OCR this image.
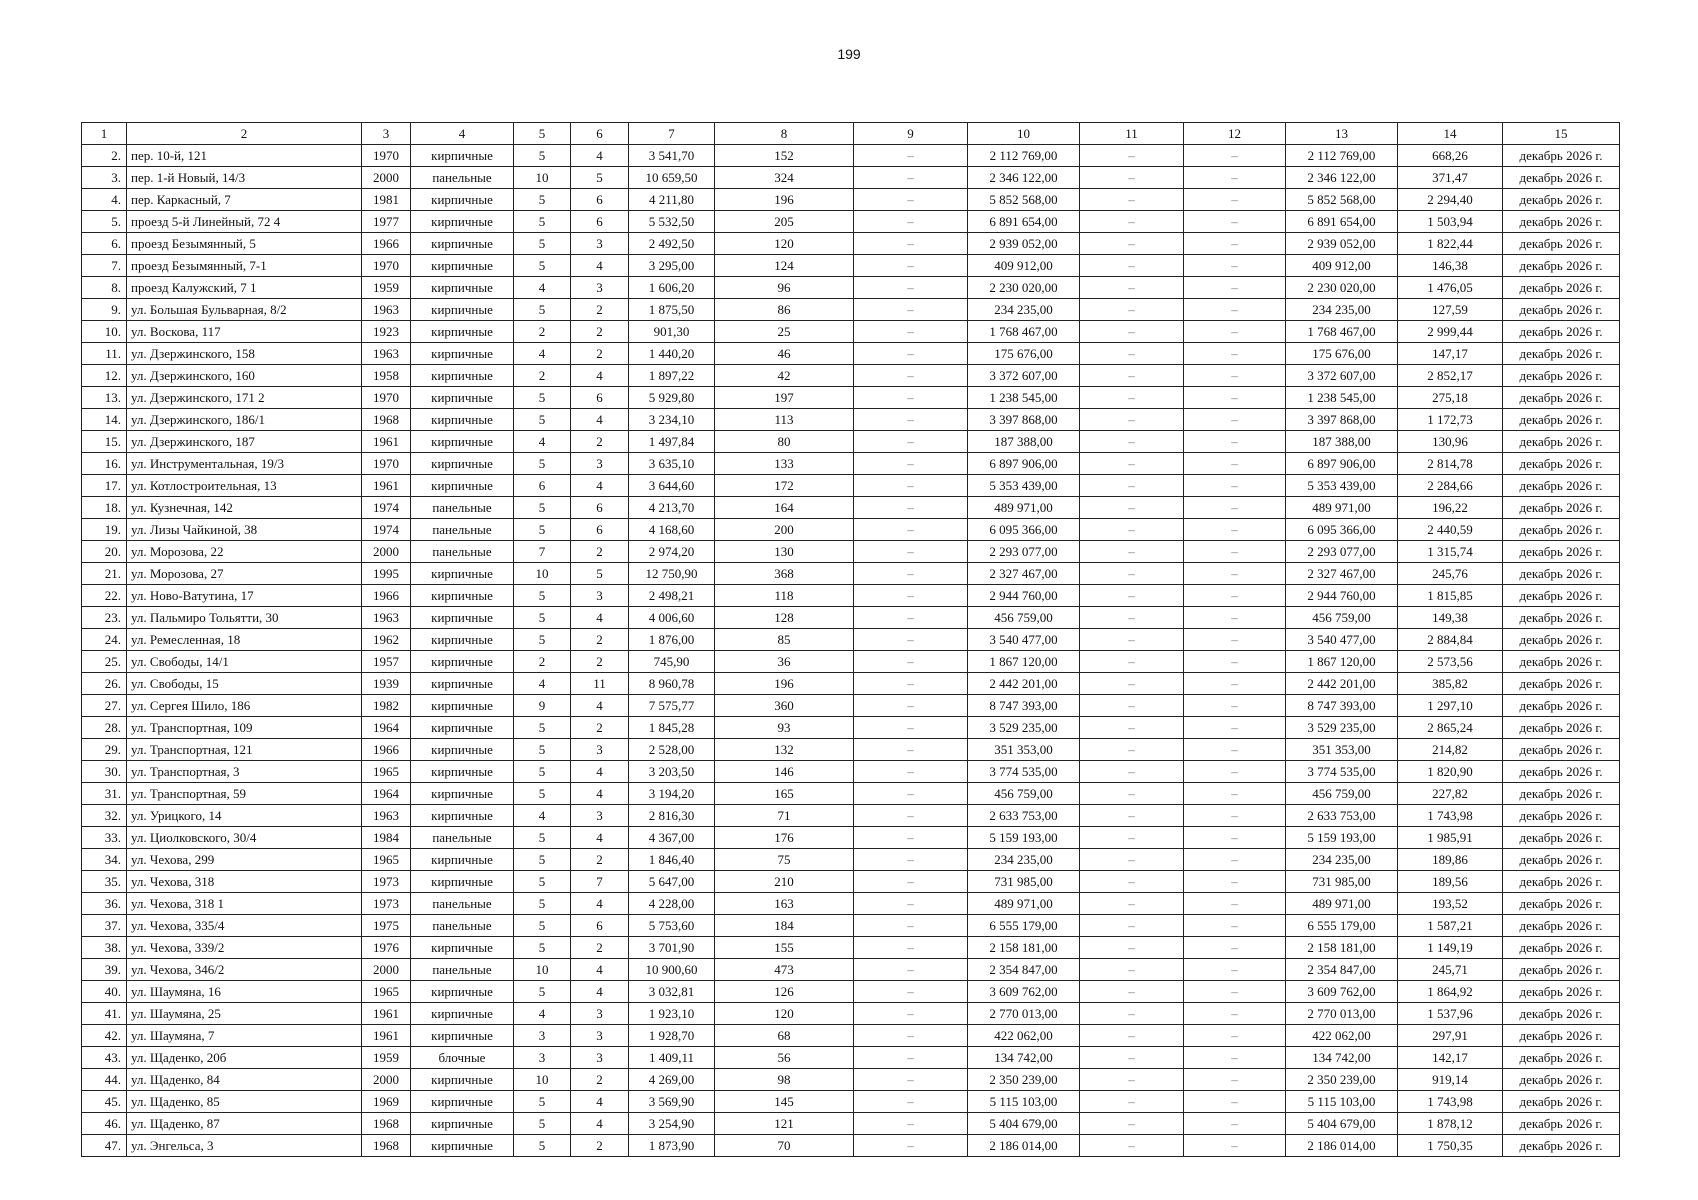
199
1	2	3	4	5	6	7	8	9	10	11	12	13	14	15
2.	пер. 10-й, 121	1970	кирпичные	5	4	3 541,70	152	–	2 112 769,00	–	–	2 112 769,00	668,26	декабрь 2026 г.
3.	пер. 1-й Новый, 14/3	2000	панельные	10	5	10 659,50	324	–	2 346 122,00	–	–	2 346 122,00	371,47	декабрь 2026 г.
4.	пер. Каркасный, 7	1981	кирпичные	5	6	4 211,80	196	–	5 852 568,00	–	–	5 852 568,00	2 294,40	декабрь 2026 г.
5.	проезд 5-й Линейный, 72 4	1977	кирпичные	5	6	5 532,50	205	–	6 891 654,00	–	–	6 891 654,00	1 503,94	декабрь 2026 г.
6.	проезд Безымянный, 5	1966	кирпичные	5	3	2 492,50	120	–	2 939 052,00	–	–	2 939 052,00	1 822,44	декабрь 2026 г.
7.	проезд Безымянный, 7-1	1970	кирпичные	5	4	3 295,00	124	–	409 912,00	–	–	409 912,00	146,38	декабрь 2026 г.
8.	проезд Калужский, 7 1	1959	кирпичные	4	3	1 606,20	96	–	2 230 020,00	–	–	2 230 020,00	1 476,05	декабрь 2026 г.
9.	ул. Большая Бульварная, 8/2	1963	кирпичные	5	2	1 875,50	86	–	234 235,00	–	–	234 235,00	127,59	декабрь 2026 г.
10.	ул. Воскова, 117	1923	кирпичные	2	2	901,30	25	–	1 768 467,00	–	–	1 768 467,00	2 999,44	декабрь 2026 г.
11.	ул. Дзержинского, 158	1963	кирпичные	4	2	1 440,20	46	–	175 676,00	–	–	175 676,00	147,17	декабрь 2026 г.
12.	ул. Дзержинского, 160	1958	кирпичные	2	4	1 897,22	42	–	3 372 607,00	–	–	3 372 607,00	2 852,17	декабрь 2026 г.
13.	ул. Дзержинского, 171 2	1970	кирпичные	5	6	5 929,80	197	–	1 238 545,00	–	–	1 238 545,00	275,18	декабрь 2026 г.
14.	ул. Дзержинского, 186/1	1968	кирпичные	5	4	3 234,10	113	–	3 397 868,00	–	–	3 397 868,00	1 172,73	декабрь 2026 г.
15.	ул. Дзержинского, 187	1961	кирпичные	4	2	1 497,84	80	–	187 388,00	–	–	187 388,00	130,96	декабрь 2026 г.
16.	ул. Инструментальная, 19/3	1970	кирпичные	5	3	3 635,10	133	–	6 897 906,00	–	–	6 897 906,00	2 814,78	декабрь 2026 г.
17.	ул. Котлостроительная, 13	1961	кирпичные	6	4	3 644,60	172	–	5 353 439,00	–	–	5 353 439,00	2 284,66	декабрь 2026 г.
18.	ул. Кузнечная, 142	1974	панельные	5	6	4 213,70	164	–	489 971,00	–	–	489 971,00	196,22	декабрь 2026 г.
19.	ул. Лизы Чайкиной, 38	1974	панельные	5	6	4 168,60	200	–	6 095 366,00	–	–	6 095 366,00	2 440,59	декабрь 2026 г.
20.	ул. Морозова, 22	2000	панельные	7	2	2 974,20	130	–	2 293 077,00	–	–	2 293 077,00	1 315,74	декабрь 2026 г.
21.	ул. Морозова, 27	1995	кирпичные	10	5	12 750,90	368	–	2 327 467,00	–	–	2 327 467,00	245,76	декабрь 2026 г.
22.	ул. Ново-Ватутина, 17	1966	кирпичные	5	3	2 498,21	118	–	2 944 760,00	–	–	2 944 760,00	1 815,85	декабрь 2026 г.
23.	ул. Пальмиро Тольятти, 30	1963	кирпичные	5	4	4 006,60	128	–	456 759,00	–	–	456 759,00	149,38	декабрь 2026 г.
24.	ул. Ремесленная, 18	1962	кирпичные	5	2	1 876,00	85	–	3 540 477,00	–	–	3 540 477,00	2 884,84	декабрь 2026 г.
25.	ул. Свободы, 14/1	1957	кирпичные	2	2	745,90	36	–	1 867 120,00	–	–	1 867 120,00	2 573,56	декабрь 2026 г.
26.	ул. Свободы, 15	1939	кирпичные	4	11	8 960,78	196	–	2 442 201,00	–	–	2 442 201,00	385,82	декабрь 2026 г.
27.	ул. Сергея Шило, 186	1982	кирпичные	9	4	7 575,77	360	–	8 747 393,00	–	–	8 747 393,00	1 297,10	декабрь 2026 г.
28.	ул. Транспортная, 109	1964	кирпичные	5	2	1 845,28	93	–	3 529 235,00	–	–	3 529 235,00	2 865,24	декабрь 2026 г.
29.	ул. Транспортная, 121	1966	кирпичные	5	3	2 528,00	132	–	351 353,00	–	–	351 353,00	214,82	декабрь 2026 г.
30.	ул. Транспортная, 3	1965	кирпичные	5	4	3 203,50	146	–	3 774 535,00	–	–	3 774 535,00	1 820,90	декабрь 2026 г.
31.	ул. Транспортная, 59	1964	кирпичные	5	4	3 194,20	165	–	456 759,00	–	–	456 759,00	227,82	декабрь 2026 г.
32.	ул. Урицкого, 14	1963	кирпичные	4	3	2 816,30	71	–	2 633 753,00	–	–	2 633 753,00	1 743,98	декабрь 2026 г.
33.	ул. Циолковского, 30/4	1984	панельные	5	4	4 367,00	176	–	5 159 193,00	–	–	5 159 193,00	1 985,91	декабрь 2026 г.
34.	ул. Чехова, 299	1965	кирпичные	5	2	1 846,40	75	–	234 235,00	–	–	234 235,00	189,86	декабрь 2026 г.
35.	ул. Чехова, 318	1973	кирпичные	5	7	5 647,00	210	–	731 985,00	–	–	731 985,00	189,56	декабрь 2026 г.
36.	ул. Чехова, 318 1	1973	панельные	5	4	4 228,00	163	–	489 971,00	–	–	489 971,00	193,52	декабрь 2026 г.
37.	ул. Чехова, 335/4	1975	панельные	5	6	5 753,60	184	–	6 555 179,00	–	–	6 555 179,00	1 587,21	декабрь 2026 г.
38.	ул. Чехова, 339/2	1976	кирпичные	5	2	3 701,90	155	–	2 158 181,00	–	–	2 158 181,00	1 149,19	декабрь 2026 г.
39.	ул. Чехова, 346/2	2000	панельные	10	4	10 900,60	473	–	2 354 847,00	–	–	2 354 847,00	245,71	декабрь 2026 г.
40.	ул. Шаумяна, 16	1965	кирпичные	5	4	3 032,81	126	–	3 609 762,00	–	–	3 609 762,00	1 864,92	декабрь 2026 г.
41.	ул. Шаумяна, 25	1961	кирпичные	4	3	1 923,10	120	–	2 770 013,00	–	–	2 770 013,00	1 537,96	декабрь 2026 г.
42.	ул. Шаумяна, 7	1961	кирпичные	3	3	1 928,70	68	–	422 062,00	–	–	422 062,00	297,91	декабрь 2026 г.
43.	ул. Щаденко, 20б	1959	блочные	3	3	1 409,11	56	–	134 742,00	–	–	134 742,00	142,17	декабрь 2026 г.
44.	ул. Щаденко, 84	2000	кирпичные	10	2	4 269,00	98	–	2 350 239,00	–	–	2 350 239,00	919,14	декабрь 2026 г.
45.	ул. Щаденко, 85	1969	кирпичные	5	4	3 569,90	145	–	5 115 103,00	–	–	5 115 103,00	1 743,98	декабрь 2026 г.
46.	ул. Щаденко, 87	1968	кирпичные	5	4	3 254,90	121	–	5 404 679,00	–	–	5 404 679,00	1 878,12	декабрь 2026 г.
47.	ул. Энгельса, 3	1968	кирпичные	5	2	1 873,90	70	–	2 186 014,00	–	–	2 186 014,00	1 750,35	декабрь 2026 г.
